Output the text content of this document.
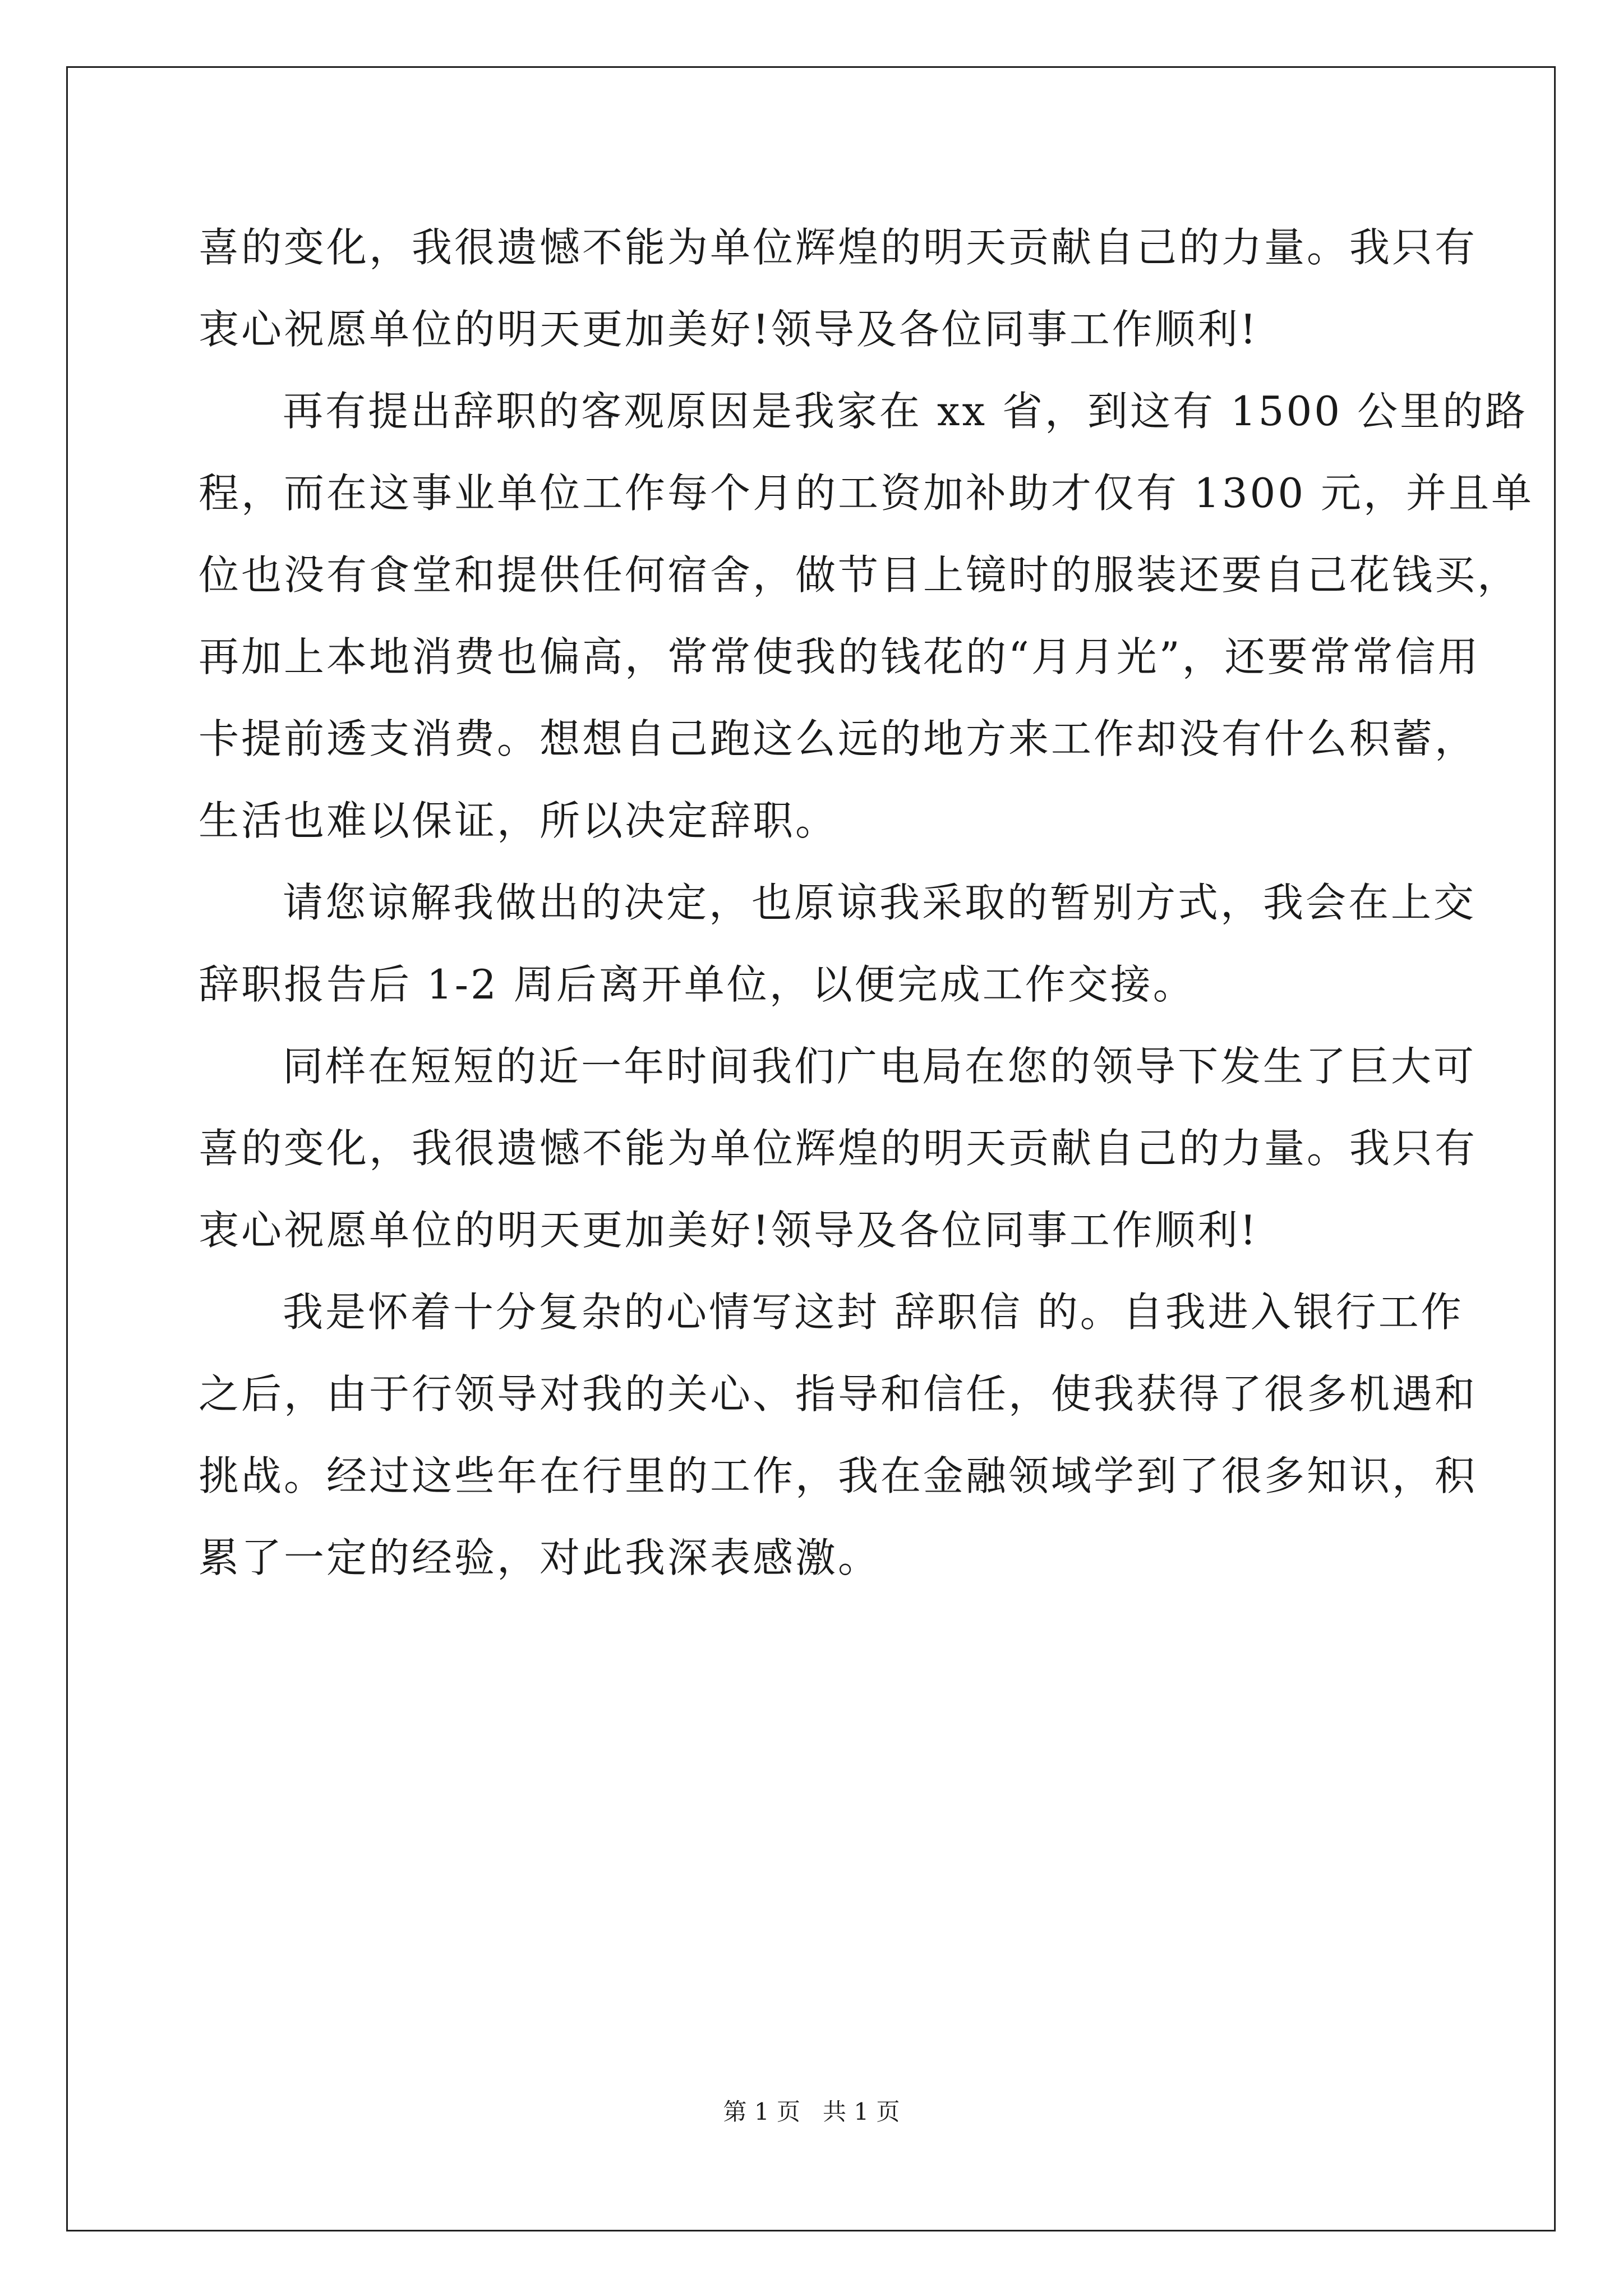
喜的变化，我很遗憾不能为单位辉煌的明天贡献自己的力量。我只有
衷心祝愿单位的明天更加美好!领导及各位同事工作顺利!
再有提出辞职的客观原因是我家在 xx 省，到这有 1500 公里的路
程，而在这事业单位工作每个月的工资加补助才仅有 1300 元，并且单
位也没有食堂和提供任何宿舍，做节目上镜时的服装还要自己花钱买，
再加上本地消费也偏高，常常使我的钱花的“月月光”，还要常常信用
卡提前透支消费。想想自己跑这么远的地方来工作却没有什么积蓄，
生活也难以保证，所以决定辞职。
请您谅解我做出的决定，也原谅我采取的暂别方式，我会在上交
辞职报告后 1-2 周后离开单位，以便完成工作交接。
同样在短短的近一年时间我们广电局在您的领导下发生了巨大可
喜的变化，我很遗憾不能为单位辉煌的明天贡献自己的力量。我只有
衷心祝愿单位的明天更加美好!领导及各位同事工作顺利!
我是怀着十分复杂的心情写这封 辞职信 的。自我进入银行工作
之后，由于行领导对我的关心、指导和信任，使我获得了很多机遇和
挑战。经过这些年在行里的工作，我在金融领域学到了很多知识，积
累了一定的经验，对此我深表感激。
第 1 页 共 1 页
